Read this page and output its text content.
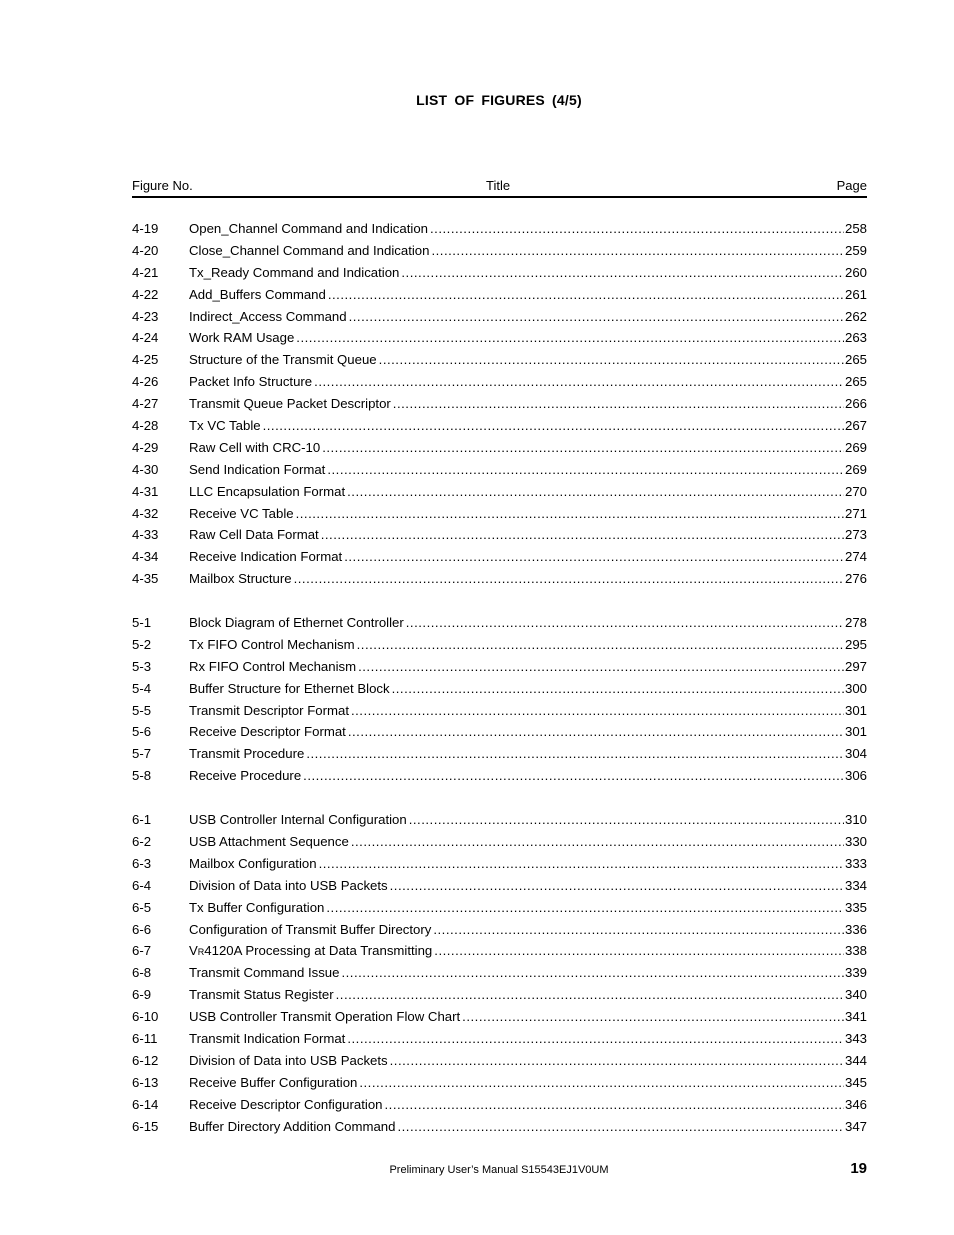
LIST OF FIGURES (4/5)
Figure No.	Title	Page
4-19	Open_Channel Command and Indication .....	258
4-20	Close_Channel Command and Indication .....	259
4-21	Tx_Ready Command and Indication .....	260
4-22	Add_Buffers Command .....	261
4-23	Indirect_Access Command .....	262
4-24	Work RAM Usage .....	263
4-25	Structure of the Transmit Queue .....	265
4-26	Packet Info Structure .....	265
4-27	Transmit Queue Packet Descriptor .....	266
4-28	Tx VC Table .....	267
4-29	Raw Cell with CRC-10 .....	269
4-30	Send Indication Format .....	269
4-31	LLC Encapsulation Format .....	270
4-32	Receive VC Table .....	271
4-33	Raw Cell Data Format .....	273
4-34	Receive Indication Format .....	274
4-35	Mailbox Structure .....	276
5-1	Block Diagram of Ethernet Controller .....	278
5-2	Tx FIFO Control Mechanism .....	295
5-3	Rx FIFO Control Mechanism .....	297
5-4	Buffer Structure for Ethernet Block .....	300
5-5	Transmit Descriptor Format .....	301
5-6	Receive Descriptor Format .....	301
5-7	Transmit Procedure .....	304
5-8	Receive Procedure .....	306
6-1	USB Controller Internal Configuration .....	310
6-2	USB Attachment Sequence .....	330
6-3	Mailbox Configuration .....	333
6-4	Division of Data into USB Packets .....	334
6-5	Tx Buffer Configuration .....	335
6-6	Configuration of Transmit Buffer Directory .....	336
6-7	VR4120A Processing at Data Transmitting .....	338
6-8	Transmit Command Issue .....	339
6-9	Transmit Status Register .....	340
6-10	USB Controller Transmit Operation Flow Chart .....	341
6-11	Transmit Indication Format .....	343
6-12	Division of Data into USB Packets .....	344
6-13	Receive Buffer Configuration .....	345
6-14	Receive Descriptor Configuration .....	346
6-15	Buffer Directory Addition Command .....	347
Preliminary User’s Manual S15543EJ1V0UM	19
